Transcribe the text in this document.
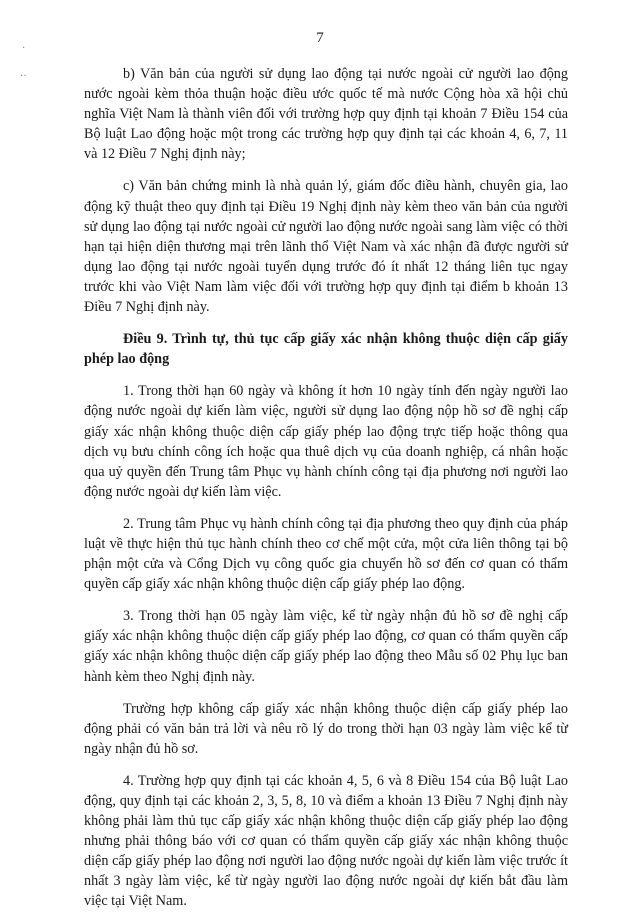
·
··
7

b) Văn bản của người sử dụng lao động tại nước ngoài cử người lao động nước ngoài kèm thỏa thuận hoặc điều ước quốc tế mà nước Cộng hòa xã hội chủ nghĩa Việt Nam là thành viên đối với trường hợp quy định tại khoản 7 Điều 154 của Bộ luật Lao động hoặc một trong các trường hợp quy định tại các khoản 4, 6, 7, 11 và 12 Điều 7 Nghị định này;

c) Văn bản chứng minh là nhà quản lý, giám đốc điều hành, chuyên gia, lao động kỹ thuật theo quy định tại Điều 19 Nghị định này kèm theo văn bản của người sử dụng lao động tại nước ngoài cử người lao động nước ngoài sang làm việc có thời hạn tại hiện diện thương mại trên lãnh thổ Việt Nam và xác nhận đã được người sử dụng lao động tại nước ngoài tuyển dụng trước đó ít nhất 12 tháng liên tục ngay trước khi vào Việt Nam làm việc đối với trường hợp quy định tại điểm b khoản 13 Điều 7 Nghị định này.

Điều 9. Trình tự, thủ tục cấp giấy xác nhận không thuộc diện cấp giấy phép lao động

1. Trong thời hạn 60 ngày và không ít hơn 10 ngày tính đến ngày người lao động nước ngoài dự kiến làm việc, người sử dụng lao động nộp hồ sơ đề nghị cấp giấy xác nhận không thuộc diện cấp giấy phép lao động trực tiếp hoặc thông qua dịch vụ bưu chính công ích hoặc qua thuê dịch vụ của doanh nghiệp, cá nhân hoặc qua uỷ quyền đến Trung tâm Phục vụ hành chính công tại địa phương nơi người lao động nước ngoài dự kiến làm việc.

2. Trung tâm Phục vụ hành chính công tại địa phương theo quy định của pháp luật về thực hiện thủ tục hành chính theo cơ chế một cửa, một cửa liên thông tại bộ phận một cửa và Cổng Dịch vụ công quốc gia chuyển hồ sơ đến cơ quan có thẩm quyền cấp giấy xác nhận không thuộc diện cấp giấy phép lao động.

3. Trong thời hạn 05 ngày làm việc, kể từ ngày nhận đủ hồ sơ đề nghị cấp giấy xác nhận không thuộc diện cấp giấy phép lao động, cơ quan có thẩm quyền cấp giấy xác nhận không thuộc diện cấp giấy phép lao động theo Mẫu số 02 Phụ lục ban hành kèm theo Nghị định này.

Trường hợp không cấp giấy xác nhận không thuộc diện cấp giấy phép lao động phải có văn bản trả lời và nêu rõ lý do trong thời hạn 03 ngày làm việc kể từ ngày nhận đủ hồ sơ.

4. Trường hợp quy định tại các khoản 4, 5, 6 và 8 Điều 154 của Bộ luật Lao động, quy định tại các khoản 2, 3, 5, 8, 10 và điểm a khoản 13 Điều 7 Nghị định này không phải làm thủ tục cấp giấy xác nhận không thuộc diện cấp giấy phép lao động nhưng phải thông báo với cơ quan có thẩm quyền cấp giấy xác nhận không thuộc diện cấp giấy phép lao động nơi người lao động nước ngoài dự kiến làm việc trước ít nhất 3 ngày làm việc, kể từ ngày người lao động nước ngoài dự kiến bắt đầu làm việc tại Việt Nam.
